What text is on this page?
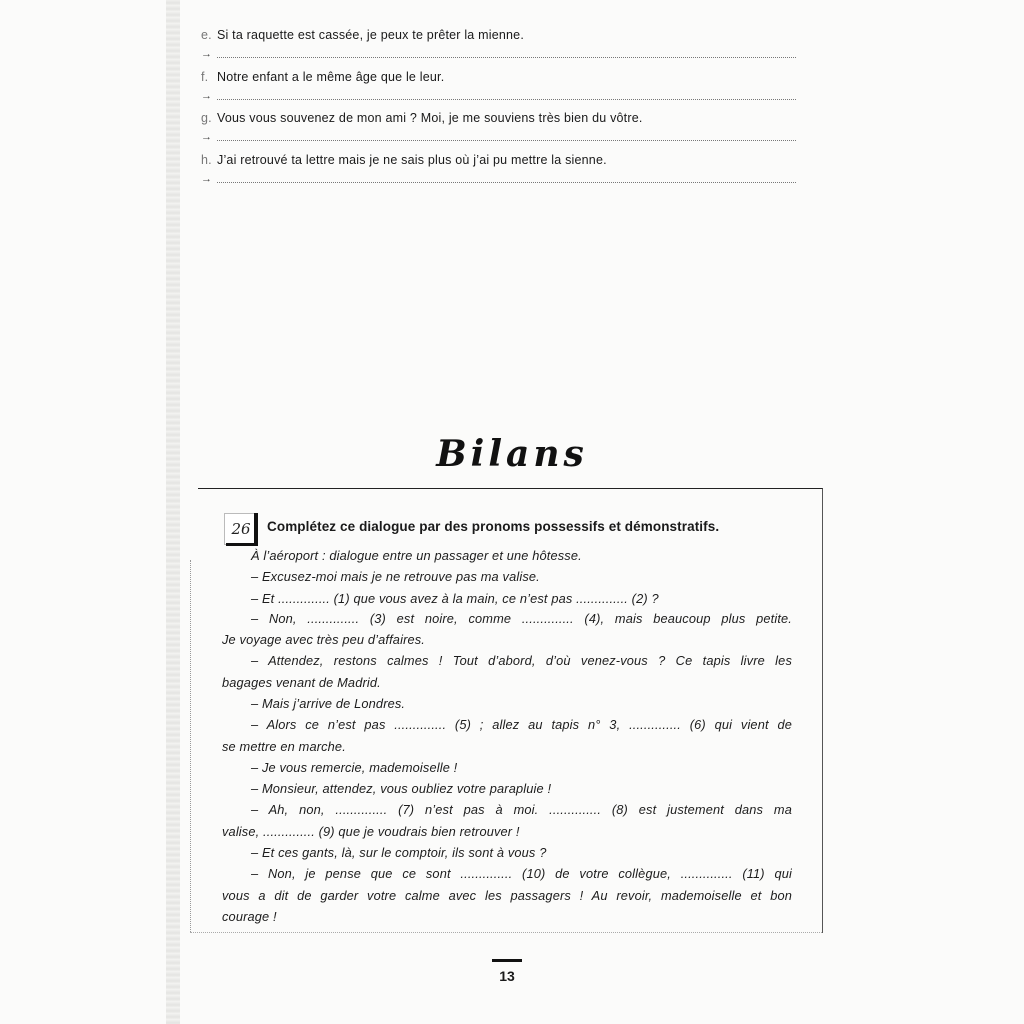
e. Si ta raquette est cassée, je peux te prêter la mienne.
→
f. Notre enfant a le même âge que le leur.
→
g. Vous vous souvenez de mon ami ? Moi, je me souviens très bien du vôtre.
→
h. J’ai retrouvé ta lettre mais je ne sais plus où j’ai pu mettre la sienne.
→
Bilans
26	Complétez ce dialogue par des pronoms possessifs et démonstratifs.
À l’aéroport : dialogue entre un passager et une hôtesse.
– Excusez-moi mais je ne retrouve pas ma valise.
– Et .............. (1) que vous avez à la main, ce n’est pas .............. (2) ?
– Non, .............. (3) est noire, comme .............. (4), mais beaucoup plus petite.
Je voyage avec très peu d’affaires.
– Attendez, restons calmes ! Tout d’abord, d’où venez-vous ? Ce tapis livre les
bagages venant de Madrid.
– Mais j’arrive de Londres.
– Alors ce n’est pas .............. (5) ; allez au tapis n° 3, .............. (6) qui vient de
se mettre en marche.
– Je vous remercie, mademoiselle !
– Monsieur, attendez, vous oubliez votre parapluie !
– Ah, non, .............. (7) n’est pas à moi. .............. (8) est justement dans ma
valise, .............. (9) que je voudrais bien retrouver !
– Et ces gants, là, sur le comptoir, ils sont à vous ?
– Non, je pense que ce sont .............. (10) de votre collègue, .............. (11) qui
vous a dit de garder votre calme avec les passagers ! Au revoir, mademoiselle et bon
courage !
13
